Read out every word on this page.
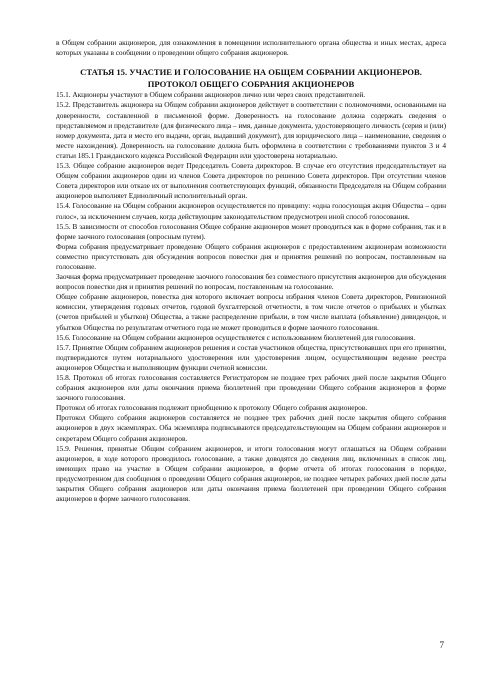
в Общем собрании акционеров, для ознакомления в помещении исполнительного органа общества и иных местах, адреса которых указаны в сообщении о проведении общего собрания акционеров.

СТАТЬЯ 15. УЧАСТИЕ И ГОЛОСОВАНИЕ НА ОБЩЕМ СОБРАНИИ АКЦИОНЕРОВ.
ПРОТОКОЛ ОБЩЕГО СОБРАНИЯ АКЦИОНЕРОВ

15.1. Акционеры участвуют в Общем собрании акционеров лично или через своих представителей.

15.2. Представитель акционера на Общем собрании акционеров действует в соответствии с полномочиями, основанными на доверенности, составленной в письменной форме. Доверенность на голосование должна содержать сведения о представляемом и представителе (для физического лица – имя, данные документа, удостоверяющего личность (серия и (или) номер документа, дата и место его выдачи, орган, выдавший документ), для юридического лица – наименование, сведения о месте нахождения). Доверенность на голосование должна быть оформлена в соответствии с требованиями пунктов 3 и 4 статьи 185.1 Гражданского кодекса Российской Федерации или удостоверена нотариально.

15.3. Общее собрание акционеров ведет Председатель Совета директоров. В случае его отсутствия председательствует на Общем собрании акционеров один из членов Совета директоров по решению Совета директоров. При отсутствии членов Совета директоров или отказе их от выполнения соответствующих функций, обязанности Председателя на Общем собрании акционеров выполняет Единоличный исполнительный орган.

15.4. Голосование на Общем собрании акционеров осуществляется по принципу: «одна голосующая акция Общества – один голос», за исключением случаев, когда действующим законодательством предусмотрен иной способ голосования.

15.5. В зависимости от способов голосования Общее собрание акционеров может проводиться как в форме собрания, так и в форме заочного голосования (опросным путем).

Форма собрания предусматривает проведение Общего собрания акционеров с предоставлением акционерам возможности совместно присутствовать для обсуждения вопросов повестки дня и принятия решений по вопросам, поставленным на голосование.

Заочная форма предусматривает проведение заочного голосования без совместного присутствия акционеров для обсуждения вопросов повестки дня и принятия решений по вопросам, поставленным на голосование.

Общее собрание акционеров, повестка дня которого включает вопросы избрания членов Совета директоров, Ревизионной комиссии, утверждения годовых отчетов, годовой бухгалтерской отчетности, в том числе отчетов о прибылях и убытках (счетов прибылей и убытков) Общества, а также распределение прибыли, в том числе выплата (объявление) дивидендов, и убытков Общества по результатам отчетного года не может проводиться в форме заочного голосования.

15.6. Голосование на Общем собрании акционеров осуществляется с использованием бюллетеней для голосования.

15.7. Принятие Общим собранием акционеров решения и состав участников общества, присутствовавших при его принятии, подтверждаются путем нотариального удостоверения или удостоверения лицом, осуществляющим ведение реестра акционеров Общества и выполняющим функции счетной комиссии.

15.8. Протокол об итогах голосования составляется Регистратором не позднее трех рабочих дней после закрытия Общего собрания акционеров или даты окончания приема бюллетеней при проведении Общего собрания акционеров в форме заочного голосования.

Протокол об итогах голосования подлежит приобщению к протоколу Общего собрания акционеров.

Протокол Общего собрания акционеров составляется не позднее трех рабочих дней после закрытия общего собрания акционеров в двух экземплярах. Оба экземпляра подписываются председательствующим на Общем собрании акционеров и секретарем Общего собрания акционеров.

15.9. Решения, принятые Общим собранием акционеров, и итоги голосования могут оглашаться на Общем собрании акционеров, в ходе которого проводилось голосование, а также доводятся до сведения лиц, включенных в список лиц, имеющих право на участие в Общем собрании акционеров, в форме отчета об итогах голосования в порядке, предусмотренном для сообщения о проведении Общего собрания акционеров, не позднее четырех рабочих дней после даты закрытия Общего собрания акционеров или даты окончания приема бюллетеней при проведении Общего собрания акционеров в форме заочного голосования.

7
